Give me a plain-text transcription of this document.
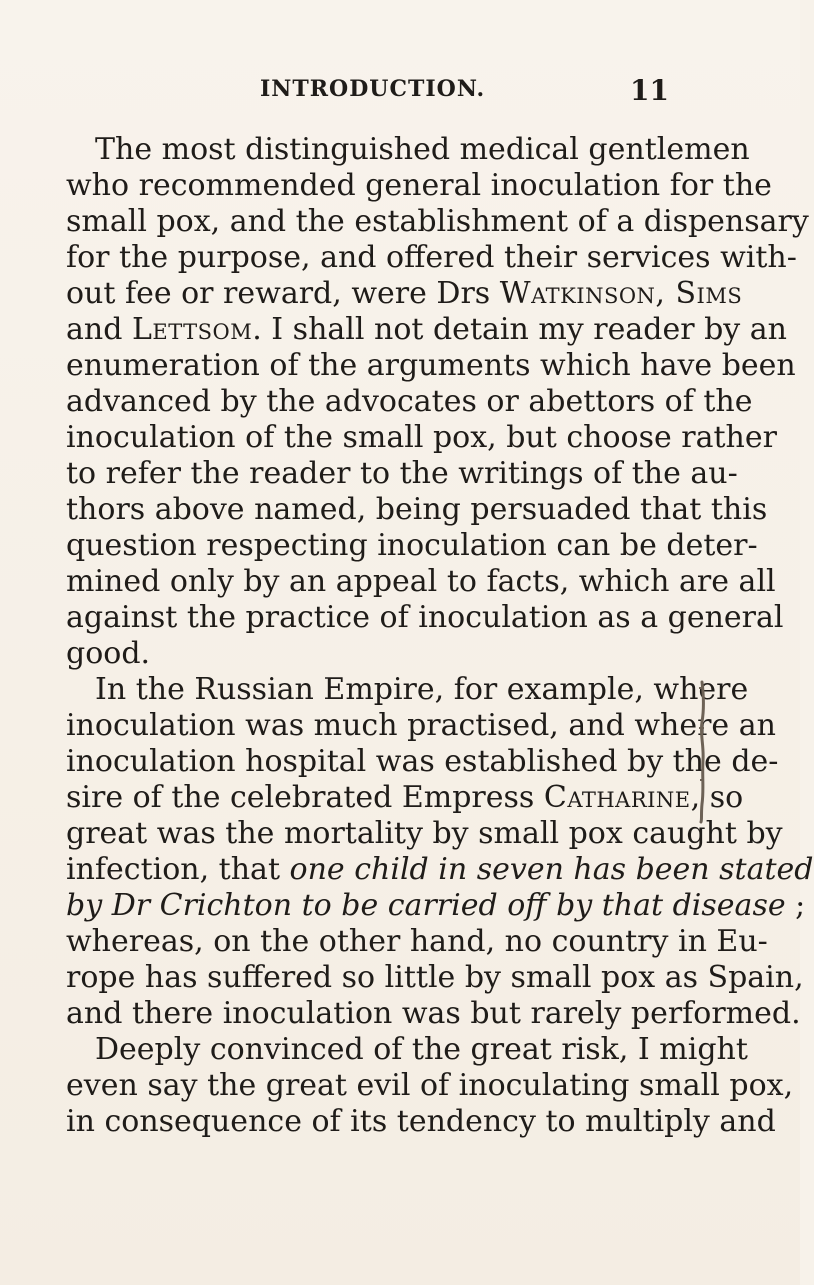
INTRODUCTION.	11
The most distinguished medical gentlemen
who recommended general inoculation for the
small pox, and the establishment of a dispensary
for the purpose, and offered their services with-
out fee or reward, were Drs Watkinson, Sims
and Lettsom. I shall not detain my reader by an
enumeration of the arguments which have been
advanced by the advocates or abettors of the
inoculation of the small pox, but choose rather
to refer the reader to the writings of the au-
thors above named, being persuaded that this
question respecting inoculation can be deter-
mined only by an appeal to facts, which are all
against the practice of inoculation as a general
good.
In the Russian Empire, for example, where
inoculation was much practised, and where an
inoculation hospital was established by the de-
sire of the celebrated Empress Catharine, so
great was the mortality by small pox caught by
infection, that one child in seven has been stated
by Dr Crichton to be carried off by that disease ;
whereas, on the other hand, no country in Eu-
rope has suffered so little by small pox as Spain,
and there inoculation was but rarely performed.
Deeply convinced of the great risk, I might
even say the great evil of inoculating small pox,
in consequence of its tendency to multiply and
